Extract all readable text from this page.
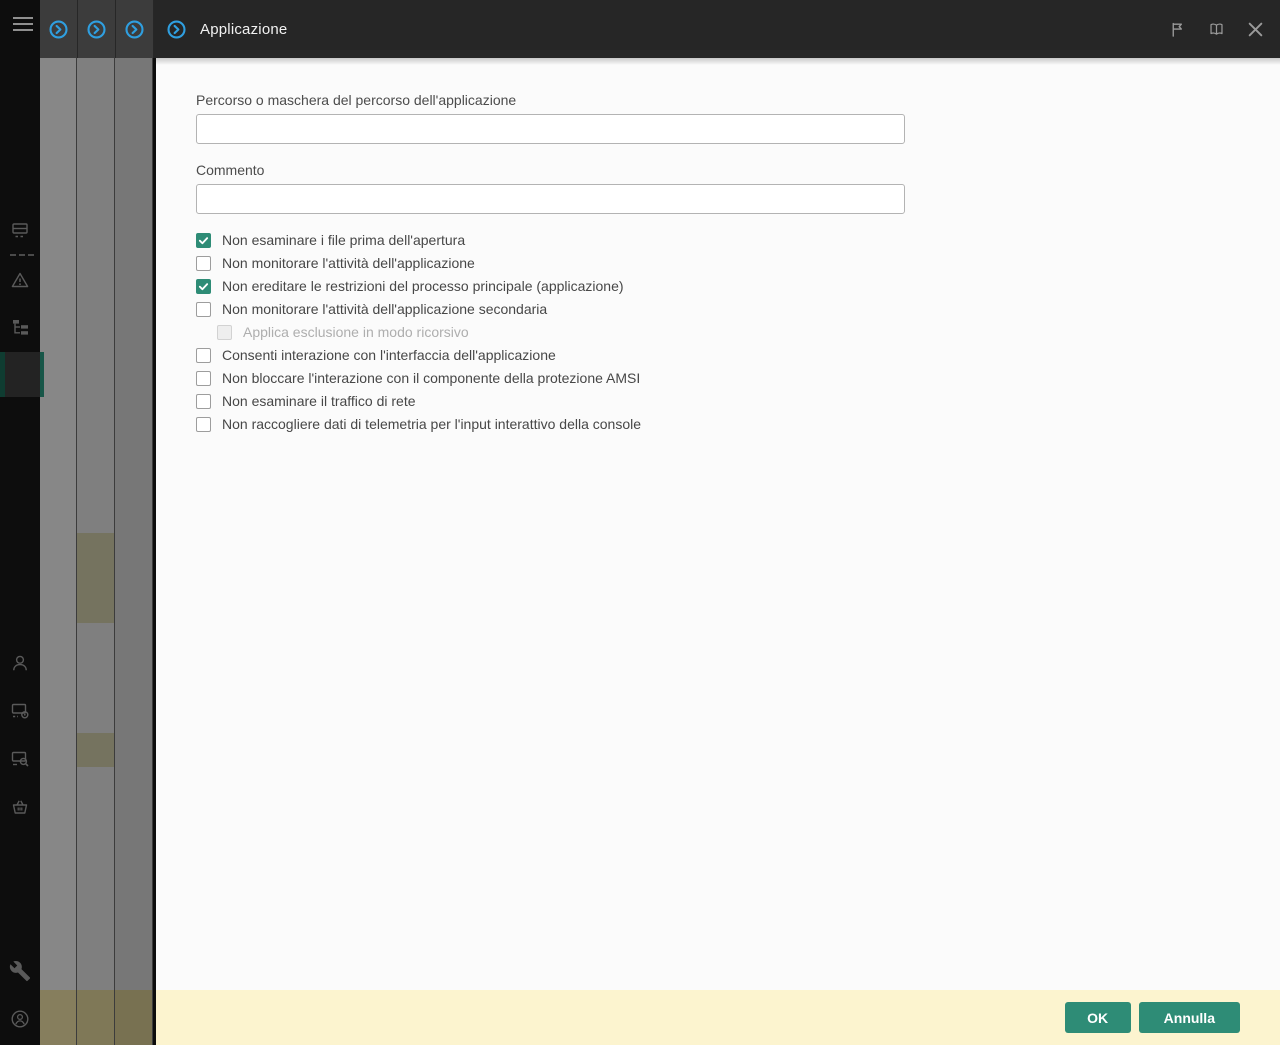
Applicazione
Percorso o maschera del percorso dell'applicazione
Commento
Non esaminare i file prima dell'apertura
Non monitorare l'attività dell'applicazione
Non ereditare le restrizioni del processo principale (applicazione)
Non monitorare l'attività dell'applicazione secondaria
Applica esclusione in modo ricorsivo
Consenti interazione con l'interfaccia dell'applicazione
Non bloccare l'interazione con il componente della protezione AMSI
Non esaminare il traffico di rete
Non raccogliere dati di telemetria per l'input interattivo della console
OK	Annulla
